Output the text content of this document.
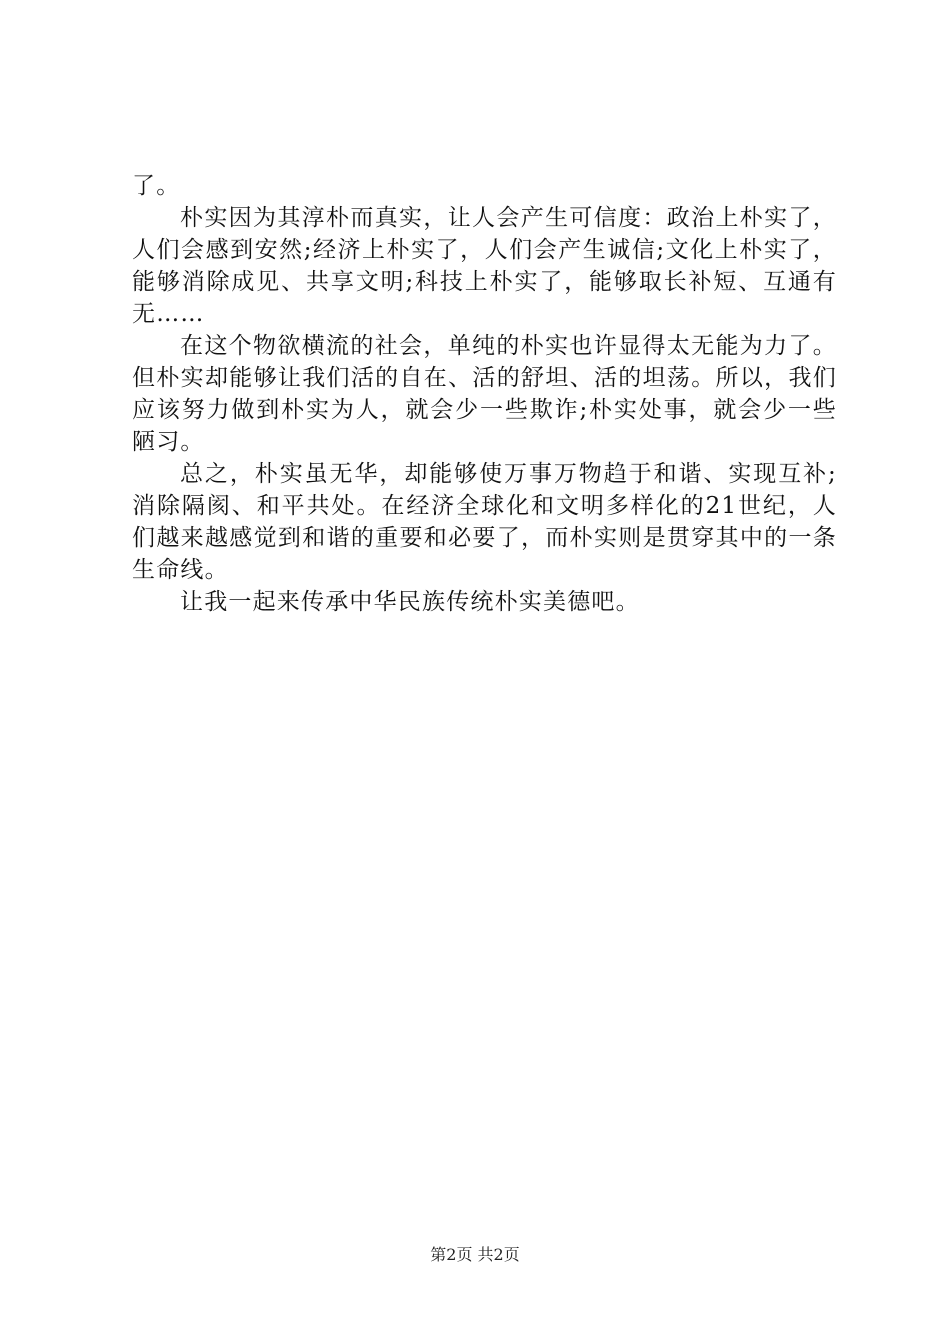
了。

朴实因为其淳朴而真实，让人会产生可信度：政治上朴实了，人们会感到安然;经济上朴实了，人们会产生诚信;文化上朴实了，能够消除成见、共享文明;科技上朴实了，能够取长补短、互通有无……

在这个物欲横流的社会，单纯的朴实也许显得太无能为力了。但朴实却能够让我们活的自在、活的舒坦、活的坦荡。所以，我们应该努力做到朴实为人，就会少一些欺诈;朴实处事，就会少一些陋习。

总之，朴实虽无华，却能够使万事万物趋于和谐、实现互补;消除隔阂、和平共处。在经济全球化和文明多样化的21世纪，人们越来越感觉到和谐的重要和必要了，而朴实则是贯穿其中的一条生命线。

让我一起来传承中华民族传统朴实美德吧。

第2页 共2页
